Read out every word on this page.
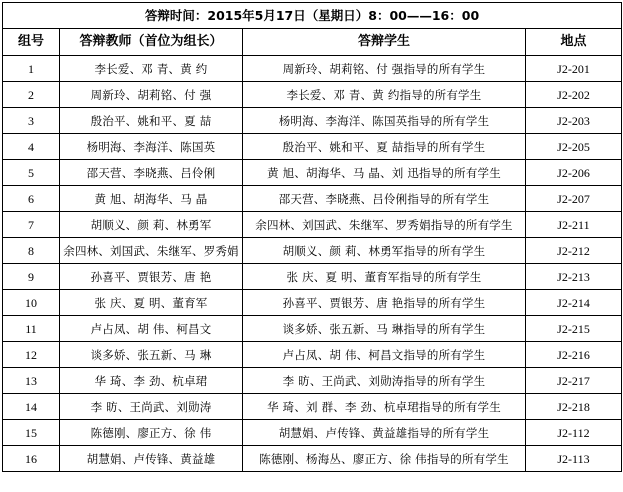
答辩时间：2015年5月17日（星期日）8：00——16：00			
组号	答辩教师（首位为组长）	答辩学生	地点
1	李长爱、邓 青、黄 约	周新玲、胡莉铭、付 强指导的所有学生	J2-201
2	周新玲、胡莉铭、付 强	李长爱、邓 青、黄 约指导的所有学生	J2-202
3	殷治平、姚和平、夏 喆	杨明海、李海洋、陈国英指导的所有学生	J2-203
4	杨明海、李海洋、陈国英	殷治平、姚和平、夏 喆指导的所有学生	J2-205
5	邵天营、李晓燕、吕伶俐	黄 旭、胡海华、马 晶、刘 迅指导的所有学生	J2-206
6	黄 旭、胡海华、马 晶	邵天营、李晓燕、吕伶俐指导的所有学生	J2-207
7	胡顺义、颜 莉、林勇军	余四林、刘国武、朱继军、罗秀娟指导的所有学生	J2-211
8	余四林、刘国武、朱继军、罗秀娟	胡顺义、颜 莉、林勇军指导的所有学生	J2-212
9	孙喜平、贾银芳、唐 艳	张 庆、夏 明、董育军指导的所有学生	J2-213
10	张 庆、夏 明、董育军	孙喜平、贾银芳、唐 艳指导的所有学生	J2-214
11	卢占凤、胡 伟、柯昌文	谈多娇、张五新、马 琳指导的所有学生	J2-215
12	谈多娇、张五新、马 琳	卢占凤、胡 伟、柯昌文指导的所有学生	J2-216
13	华 琦、李 劲、杭卓珺	李 昉、王尚武、刘勋涛指导的所有学生	J2-217
14	李 昉、王尚武、刘勋涛	华 琦、刘 群、李 劲、杭卓珺指导的所有学生	J2-218
15	陈德刚、廖正方、徐 伟	胡慧娟、卢传锋、黄益雄指导的所有学生	J2-112
16	胡慧娟、卢传锋、黄益雄	陈德刚、杨海丛、廖正方、徐 伟指导的所有学生	J2-113
